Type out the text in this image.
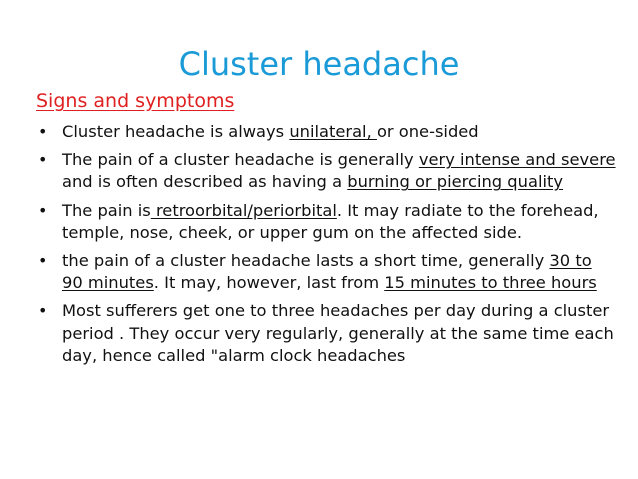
Cluster headache
Signs and symptoms
• Cluster headache is always unilateral, or one-sided
• The pain of a cluster headache is generally very intense and severe and is often described as having a burning or piercing quality
• The pain is retroorbital/periorbital. It may radiate to the forehead, temple, nose, cheek, or upper gum on the affected side.
• the pain of a cluster headache lasts a short time, generally 30 to 90 minutes. It may, however, last from 15 minutes to three hours
• Most sufferers get one to three headaches per day during a cluster period . They occur very regularly, generally at the same time each day, hence called "alarm clock headaches
